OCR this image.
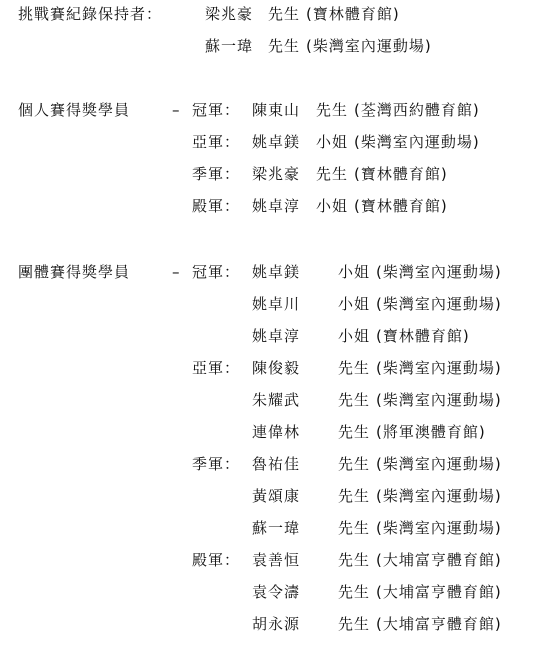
挑戰賽紀錄保持者：	梁兆豪 先生 (寶林體育館)
蘇一瑋 先生 (柴灣室內運動場)
個人賽得獎學員	– 冠軍： 陳東山 先生 (荃灣西約體育館)
亞軍： 姚卓鎂 小姐 (柴灣室內運動場)
季軍： 梁兆豪 先生 (寶林體育館)
殿軍： 姚卓淳 小姐 (寶林體育館)
團體賽得獎學員	– 冠軍： 姚卓鎂	小姐 (柴灣室內運動場)
姚卓川	小姐 (柴灣室內運動場)
姚卓淳	小姐 (寶林體育館)
亞軍： 陳俊毅	先生 (柴灣室內運動場)
朱耀武	先生 (柴灣室內運動場)
連偉林	先生 (將軍澳體育館)
季軍： 魯祐佳	先生 (柴灣室內運動場)
黃頌康	先生 (柴灣室內運動場)
蘇一瑋	先生 (柴灣室內運動場)
殿軍： 袁善恒	先生 (大埔富亨體育館)
袁令濤	先生 (大埔富亨體育館)
胡永源	先生 (大埔富亨體育館)
